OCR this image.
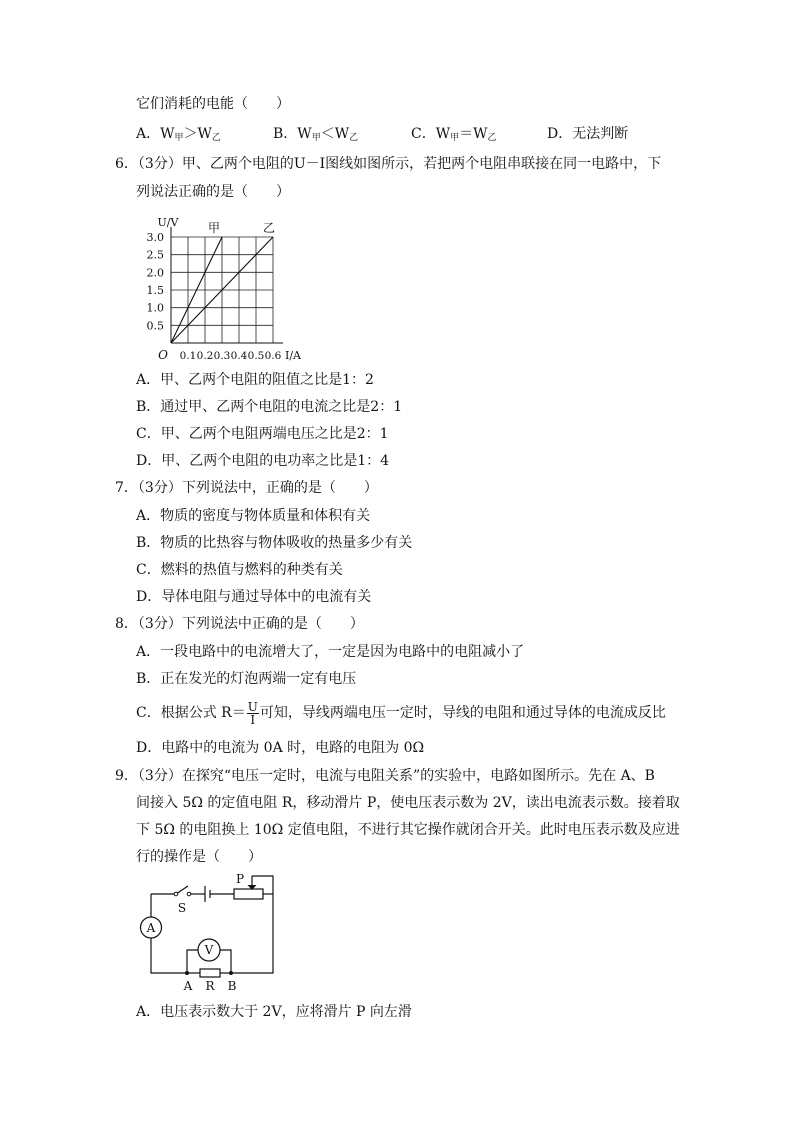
它们消耗的电能（　　）
A．$W_甲>W_乙$	B．$W_甲<W_乙$	C．$W_甲=W_乙$	D．无法判断
6．（3分）甲、乙两个电阻的U－I图线如图所示，若把两个电阻串联接在同一电路中，下
列说法正确的是（　　）
甲	乙
0.5
1.0
1.5
2.0
2.5
3.0
0.1 0.2 0.3 0.4 0.5 0.6
O
U/V
I/A
A．甲、乙两个电阻的阻值之比是1：2
B．通过甲、乙两个电阻的电流之比是2：1
C．甲、乙两个电阻两端电压之比是2：1
D．甲、乙两个电阻的电功率之比是1：4
7．（3分）下列说法中，正确的是（　　）
A．物质的密度与物体质量和体积有关
B．物质的比热容与物体吸收的热量多少有关
C．燃料的热值与燃料的种类有关
D．导体电阻与通过导体中的电流有关
8．（3分）下列说法中正确的是（　　）
A．一段电路中的电流增大了，一定是因为电路中的电阻减小了
B．正在发光的灯泡两端一定有电压
C．根据公式 $R= \frac{U}{I}$ 可知，导线两端电压一定时，导线的电阻和通过导体的电流成反比
D．电路中的电流为 0A 时，电路的电阻为 0Ω
9．（3分）在探究“电压一定时，电流与电阻关系”的实验中，电路如图所示。先在 A、B
间接入 5Ω 的定值电阻 R，移动滑片 P，使电压表示数为 2V，读出电流表示数。接着取
下 5Ω 的电阻换上 10Ω 定值电阻，不进行其它操作就闭合开关。此时电压表示数及应进
行的操作是（　　）
S
P
A
V
A R B
A．电压表示数大于 2V，应将滑片 P 向左滑
